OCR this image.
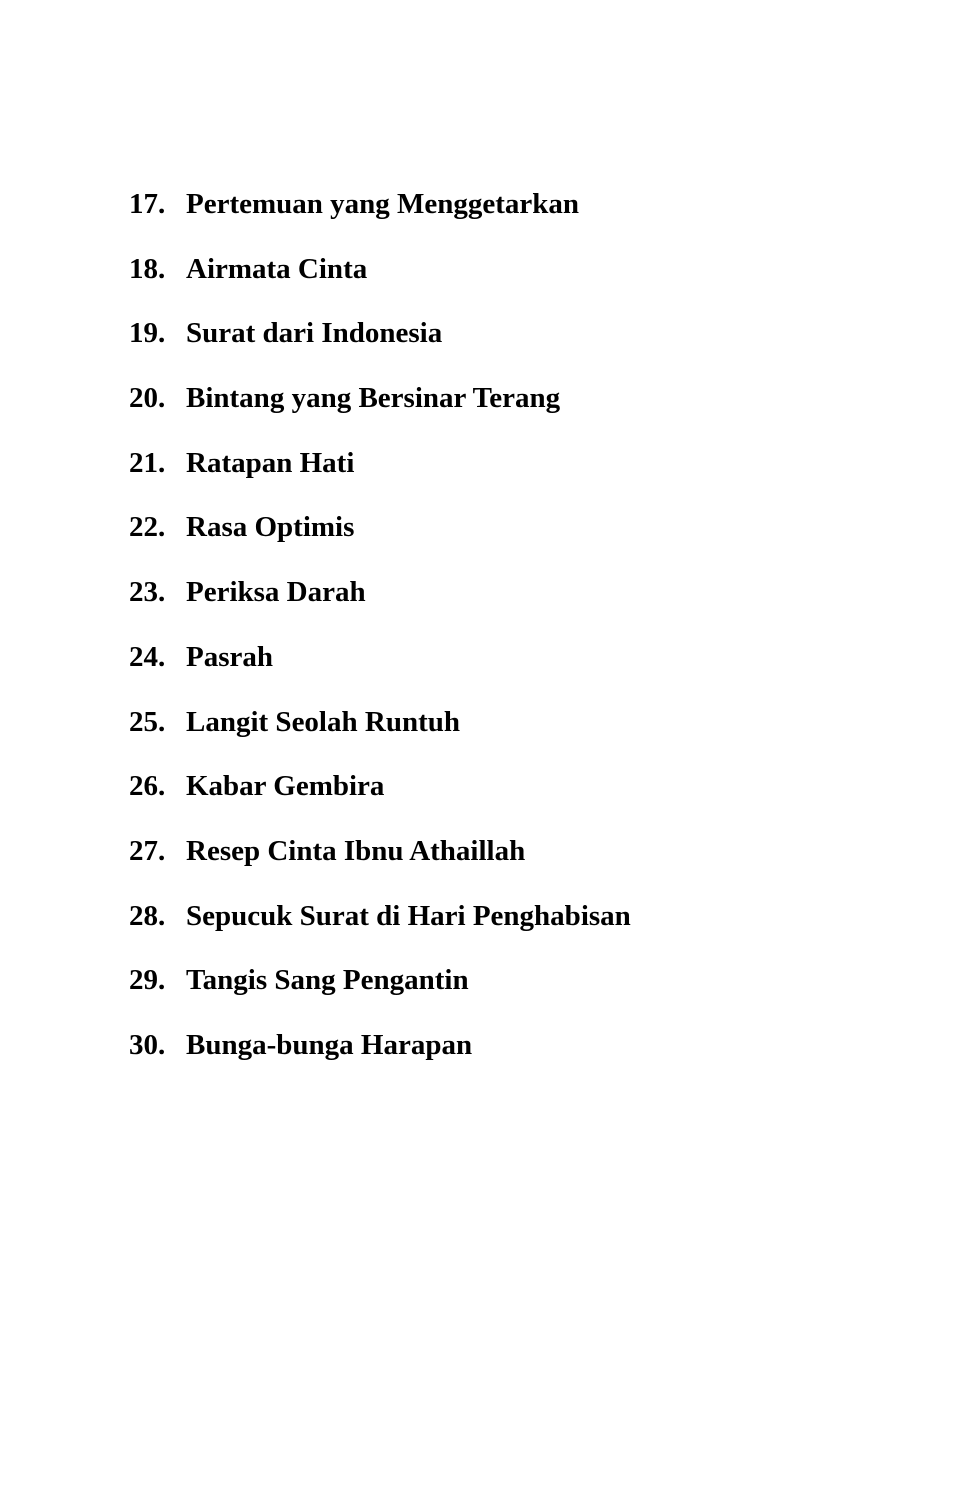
17. Pertemuan yang Menggetarkan
18. Airmata Cinta
19. Surat dari Indonesia
20. Bintang yang Bersinar Terang
21. Ratapan Hati
22. Rasa Optimis
23. Periksa Darah
24. Pasrah
25. Langit Seolah Runtuh
26. Kabar Gembira
27. Resep Cinta Ibnu Athaillah
28. Sepucuk Surat di Hari Penghabisan
29. Tangis Sang Pengantin
30. Bunga-bunga Harapan
